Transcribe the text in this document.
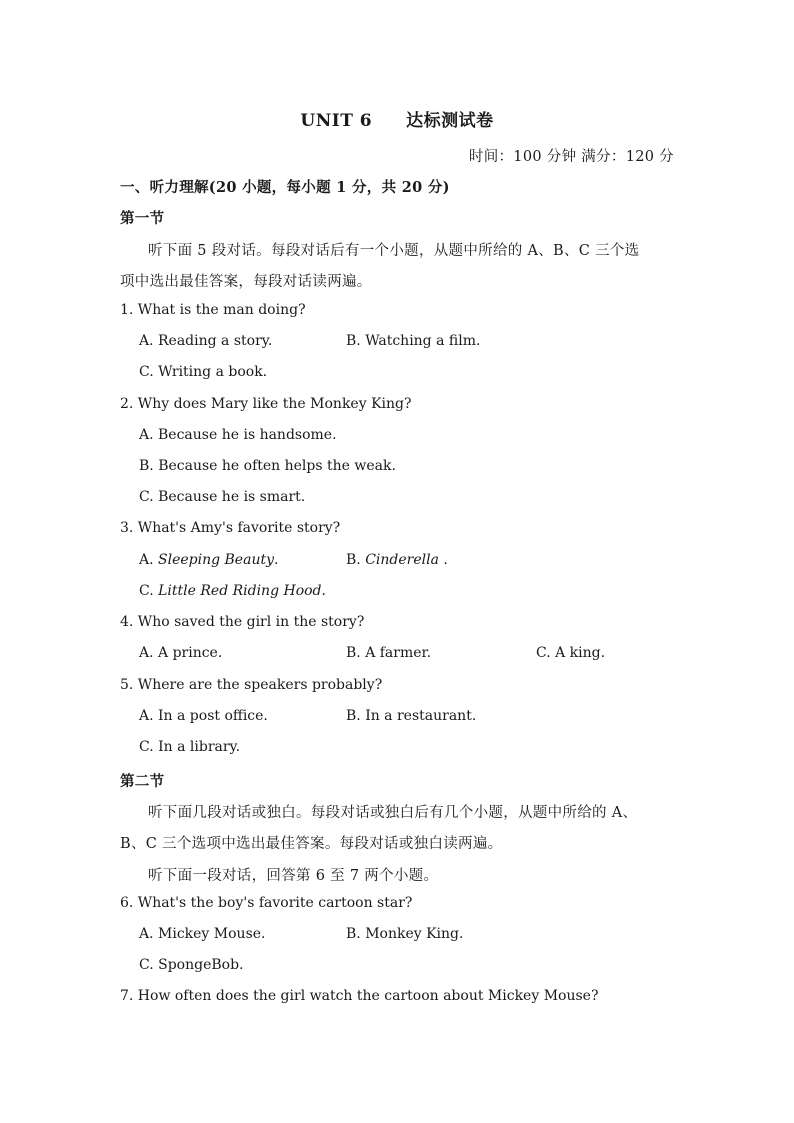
UNIT 6 达标测试卷
时间：100 分钟 满分：120 分
一、听力理解(20 小题，每小题 1 分，共 20 分)
第一节
听下面 5 段对话。每段对话后有一个小题，从题中所给的 A、B、C 三个选
项中选出最佳答案，每段对话读两遍。
1. What is the man doing?
A. Reading a story.	B. Watching a film.
C. Writing a book.
2. Why does Mary like the Monkey King?
A. Because he is handsome.
B. Because he often helps the weak.
C. Because he is smart.
3. What's Amy's favorite story?
A. Sleeping Beauty.	B. Cinderella .
C. Little Red Riding Hood.
4. Who saved the girl in the story?
A. A prince.	B. A farmer.	C. A king.
5. Where are the speakers probably?
A. In a post office.	B. In a restaurant.
C. In a library.
第二节
听下面几段对话或独白。每段对话或独白后有几个小题，从题中所给的 A、
B、C 三个选项中选出最佳答案。每段对话或独白读两遍。
听下面一段对话，回答第 6 至 7 两个小题。
6. What's the boy's favorite cartoon star?
A. Mickey Mouse.	B. Monkey King.
C. SpongeBob.
7. How often does the girl watch the cartoon about Mickey Mouse?
